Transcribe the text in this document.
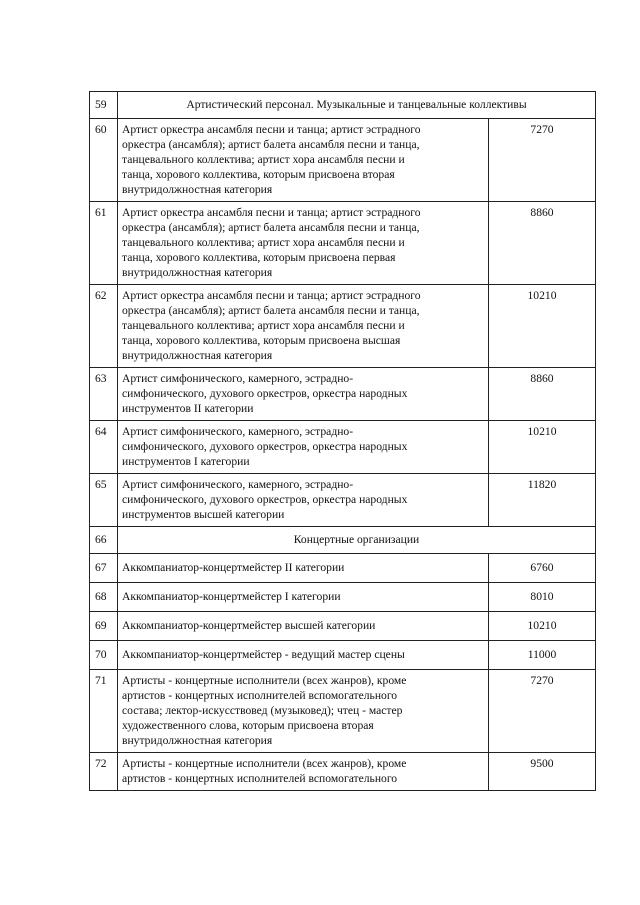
59	Артистический персонал. Музыкальные и танцевальные коллективы	
60	Артист оркестра ансамбля песни и танца; артист эстрадного
оркестра (ансамбля); артист балета ансамбля песни и танца,
танцевального коллектива; артист хора ансамбля песни и
танца, хорового коллектива, которым присвоена вторая
внутридолжностная категория	7270
61	Артист оркестра ансамбля песни и танца; артист эстрадного
оркестра (ансамбля); артист балета ансамбля песни и танца,
танцевального коллектива; артист хора ансамбля песни и
танца, хорового коллектива, которым присвоена первая
внутридолжностная категория	8860
62	Артист оркестра ансамбля песни и танца; артист эстрадного
оркестра (ансамбля); артист балета ансамбля песни и танца,
танцевального коллектива; артист хора ансамбля песни и
танца, хорового коллектива, которым присвоена высшая
внутридолжностная категория	10210
63	Артист симфонического, камерного, эстрадно-
симфонического, духового оркестров, оркестра народных
инструментов II категории	8860
64	Артист симфонического, камерного, эстрадно-
симфонического, духового оркестров, оркестра народных
инструментов I категории	10210
65	Артист симфонического, камерного, эстрадно-
симфонического, духового оркестров, оркестра народных
инструментов высшей категории	11820
66	Концертные организации	
67	Аккомпаниатор-концертмейстер II категории	6760
68	Аккомпаниатор-концертмейстер I категории	8010
69	Аккомпаниатор-концертмейстер высшей категории	10210
70	Аккомпаниатор-концертмейстер - ведущий мастер сцены	11000
71	Артисты - концертные исполнители (всех жанров), кроме
артистов - концертных исполнителей вспомогательного
состава; лектор-искусствовед (музыковед); чтец - мастер
художественного слова, которым присвоена вторая
внутридолжностная категория	7270
72	Артисты - концертные исполнители (всех жанров), кроме
артистов - концертных исполнителей вспомогательного	9500
